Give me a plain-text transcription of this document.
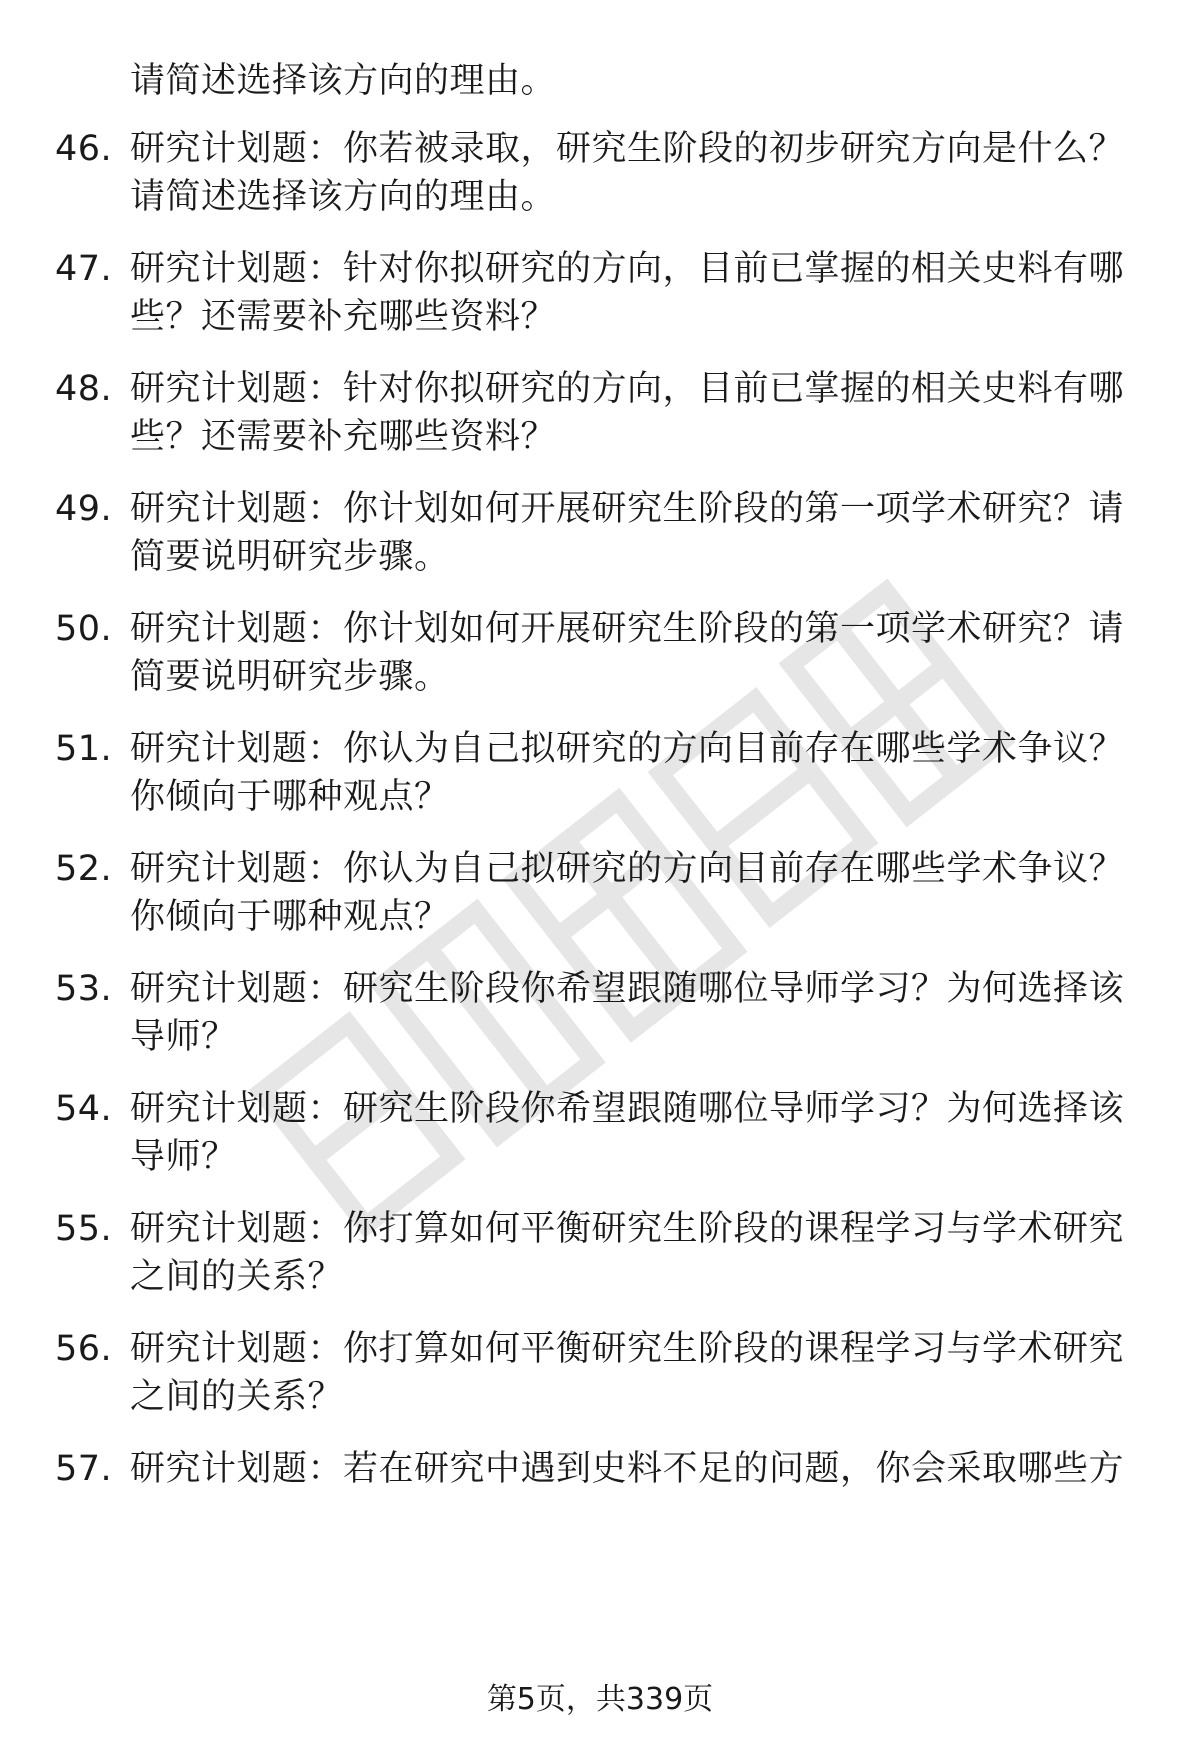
请简述选择该方向的理由。
46. 研究计划题：你若被录取，研究生阶段的初步研究方向是什么？
请简述选择该方向的理由。
47. 研究计划题：针对你拟研究的方向，目前已掌握的相关史料有哪
些？还需要补充哪些资料？
48. 研究计划题：针对你拟研究的方向，目前已掌握的相关史料有哪
些？还需要补充哪些资料？
49. 研究计划题：你计划如何开展研究生阶段的第一项学术研究？请
简要说明研究步骤。
50. 研究计划题：你计划如何开展研究生阶段的第一项学术研究？请
简要说明研究步骤。
51. 研究计划题：你认为自己拟研究的方向目前存在哪些学术争议？
你倾向于哪种观点？
52. 研究计划题：你认为自己拟研究的方向目前存在哪些学术争议？
你倾向于哪种观点？
53. 研究计划题：研究生阶段你希望跟随哪位导师学习？为何选择该
导师？
54. 研究计划题：研究生阶段你希望跟随哪位导师学习？为何选择该
导师？
55. 研究计划题：你打算如何平衡研究生阶段的课程学习与学术研究
之间的关系？
56. 研究计划题：你打算如何平衡研究生阶段的课程学习与学术研究
之间的关系？
57. 研究计划题：若在研究中遇到史料不足的问题，你会采取哪些方
第5页，共339页
